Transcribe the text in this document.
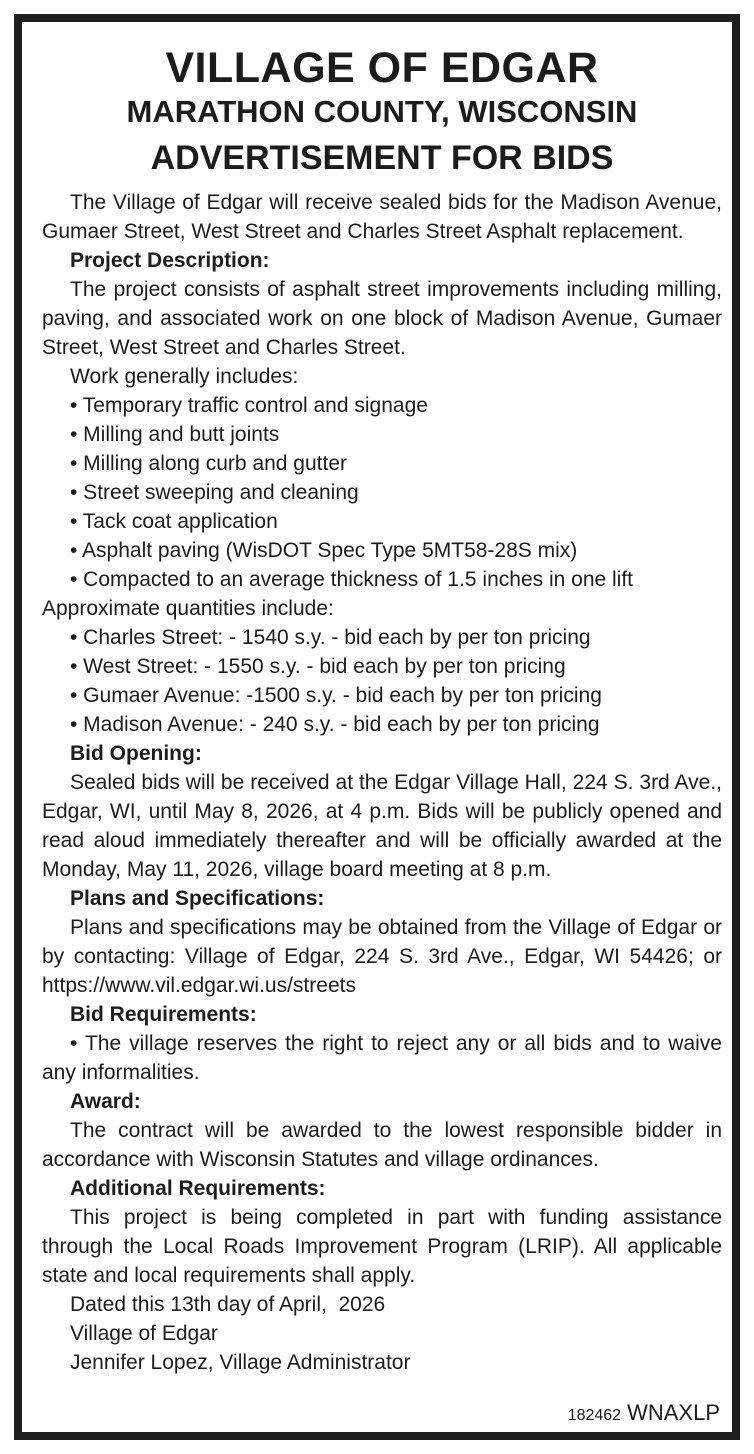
VILLAGE OF EDGAR
MARATHON COUNTY, WISCONSIN
ADVERTISEMENT FOR BIDS

The Village of Edgar will receive sealed bids for the Madison Avenue, Gumaer Street, West Street and Charles Street Asphalt replacement.

Project Description:

The project consists of asphalt street improvements including milling, paving, and associated work on one block of Madison Avenue, Gumaer Street, West Street and Charles Street.

Work generally includes:

• Temporary traffic control and signage

• Milling and butt joints

• Milling along curb and gutter

• Street sweeping and cleaning

• Tack coat application

• Asphalt paving (WisDOT Spec Type 5MT58-28S mix)

• Compacted to an average thickness of 1.5 inches in one lift

Approximate quantities include:

• Charles Street: - 1540 s.y. - bid each by per ton pricing

• West Street: - 1550 s.y. - bid each by per ton pricing

• Gumaer Avenue: -1500 s.y. - bid each by per ton pricing

• Madison Avenue: - 240 s.y. - bid each by per ton pricing

Bid Opening:

Sealed bids will be received at the Edgar Village Hall, 224 S. 3rd Ave., Edgar, WI, until May 8, 2026, at 4 p.m. Bids will be publicly opened and read aloud immediately thereafter and will be officially awarded at the Monday, May 11, 2026, village board meeting at 8 p.m.

Plans and Specifications:

Plans and specifications may be obtained from the Village of Edgar or by contacting: Village of Edgar, 224 S. 3rd Ave., Edgar, WI 54426; or https://www.vil.edgar.wi.us/streets

Bid Requirements:

• The village reserves the right to reject any or all bids and to waive any informalities.

Award:

The contract will be awarded to the lowest responsible bidder in accordance with Wisconsin Statutes and village ordinances.

Additional Requirements:

This project is being completed in part with funding assistance through the Local Roads Improvement Program (LRIP). All applicable state and local requirements shall apply.

Dated this 13th day of April,  2026

Village of Edgar

Jennifer Lopez, Village Administrator

182462 WNAXLP
